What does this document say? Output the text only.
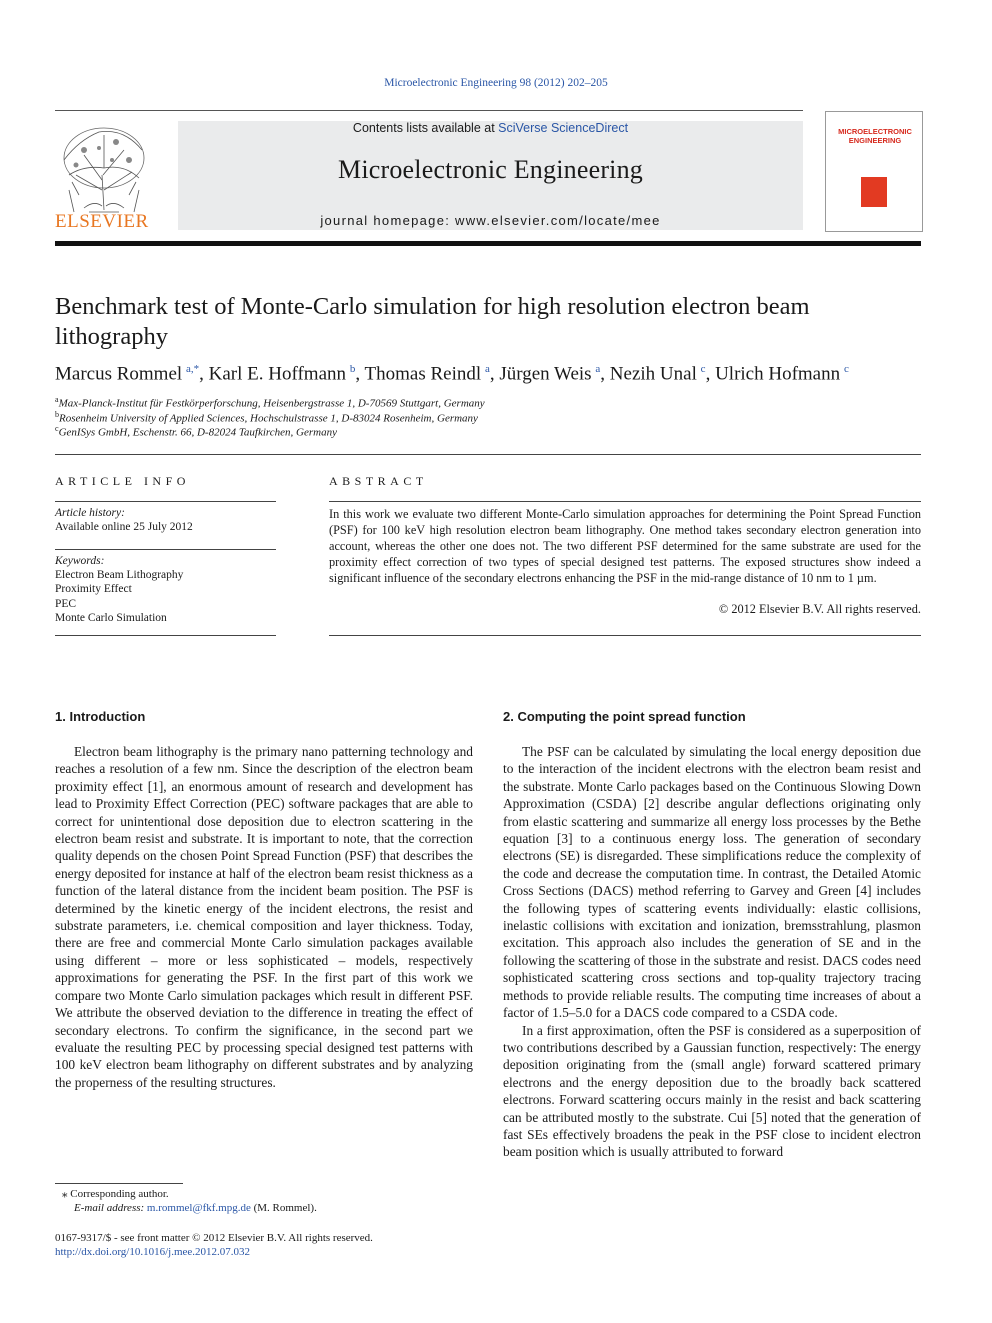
Microelectronic Engineering 98 (2012) 202–205
ELSEVIER
Contents lists available at SciVerse ScienceDirect
Microelectronic Engineering
journal homepage: www.elsevier.com/locate/mee
MICROELECTRONIC ENGINEERING
Benchmark test of Monte-Carlo simulation for high resolution electron beam lithography
Marcus Rommel  $^{a,*}$, Karl E. Hoffmann  $^b$, Thomas Reindl  $^a$, Jürgen Weis  $^a$, Nezih Unal  $^c$, Ulrich Hofmann  $^c$
$^a$Max-Planck-Institut für Festkörperforschung, Heisenbergstrasse 1, D-70569 Stuttgart, Germany
$^b$Rosenheim University of Applied Sciences, Hochschulstrasse 1, D-83024 Rosenheim, Germany
$^c$GenISys GmbH, Eschenstr. 66, D-82024 Taufkirchen, Germany
ARTICLE INFO
Article history:
Available online 25 July 2012
Keywords:
Electron Beam Lithography
Proximity Effect
PEC
Monte Carlo Simulation
ABSTRACT
In this work we evaluate two different Monte-Carlo simulation approaches for determining the Point Spread Function (PSF) for 100 keV high resolution electron beam lithography. One method takes secondary electron generation into account, whereas the other one does not. The two different PSF determined for the same substrate are used for the proximity effect correction of two types of special designed test patterns. The exposed structures show indeed a significant influence of the secondary electrons enhancing the PSF in the mid-range distance of 10 nm to 1 µm.
© 2012 Elsevier B.V. All rights reserved.
1. Introduction

Electron beam lithography is the primary nano patterning technology and reaches a resolution of a few nm. Since the description of the electron beam proximity effect [1], an enormous amount of research and development has lead to Proximity Effect Correction (PEC) software packages that are able to correct for unintentional dose deposition due to electron scattering in the electron beam resist and substrate. It is important to note, that the correction quality depends on the chosen Point Spread Function (PSF) that describes the energy deposited for instance at half of the electron beam resist thickness as a function of the lateral distance from the incident beam position. The PSF is determined by the kinetic energy of the incident electrons, the resist and substrate parameters, i.e. chemical composition and layer thickness. Today, there are free and commercial Monte Carlo simulation packages available using different – more or less sophisticated – models, respectively approximations for generating the PSF. In the first part of this work we compare two Monte Carlo simulation packages which result in different PSF. We attribute the observed deviation to the difference in treating the effect of secondary electrons. To confirm the significance, in the second part we evaluate the resulting PEC by processing special designed test patterns with 100 keV electron beam lithography on different substrates and by analyzing the properness of the resulting structures.

2. Computing the point spread function

The PSF can be calculated by simulating the local energy deposition due to the interaction of the incident electrons with the electron beam resist and the substrate. Monte Carlo packages based on the Continuous Slowing Down Approximation (CSDA) [2] describe angular deflections originating only from elastic scattering and summarize all energy loss processes by the Bethe equation [3] to a continuous energy loss. The generation of secondary electrons (SE) is disregarded. These simplifications reduce the complexity of the code and decrease the computation time. In contrast, the Detailed Atomic Cross Sections (DACS) method referring to Garvey and Green [4] includes the following types of scattering events individually: elastic collisions, inelastic collisions with excitation and ionization, bremsstrahlung, plasmon excitation. This approach also includes the generation of SE and in the following the scattering of those in the substrate and resist. DACS codes need sophisticated scattering cross sections and top-quality trajectory tracing methods to provide reliable results. The computing time increases of about a factor of 1.5–5.0 for a DACS code compared to a CSDA code.

In a first approximation, often the PSF is considered as a superposition of two contributions described by a Gaussian function, respectively: The energy deposition originating from the (small angle) forward scattered primary electrons and the energy deposition due to the broadly back scattered electrons. Forward scattering occurs mainly in the resist and back scattering can be attributed mostly to the substrate. Cui [5] noted that the generation of fast SEs effectively broadens the peak in the PSF close to incident electron beam position which is usually attributed to forward

⁎ Corresponding author.
E-mail address: m.rommel@fkf.mpg.de (M. Rommel).
0167-9317/$ - see front matter © 2012 Elsevier B.V. All rights reserved.
http://dx.doi.org/10.1016/j.mee.2012.07.032
